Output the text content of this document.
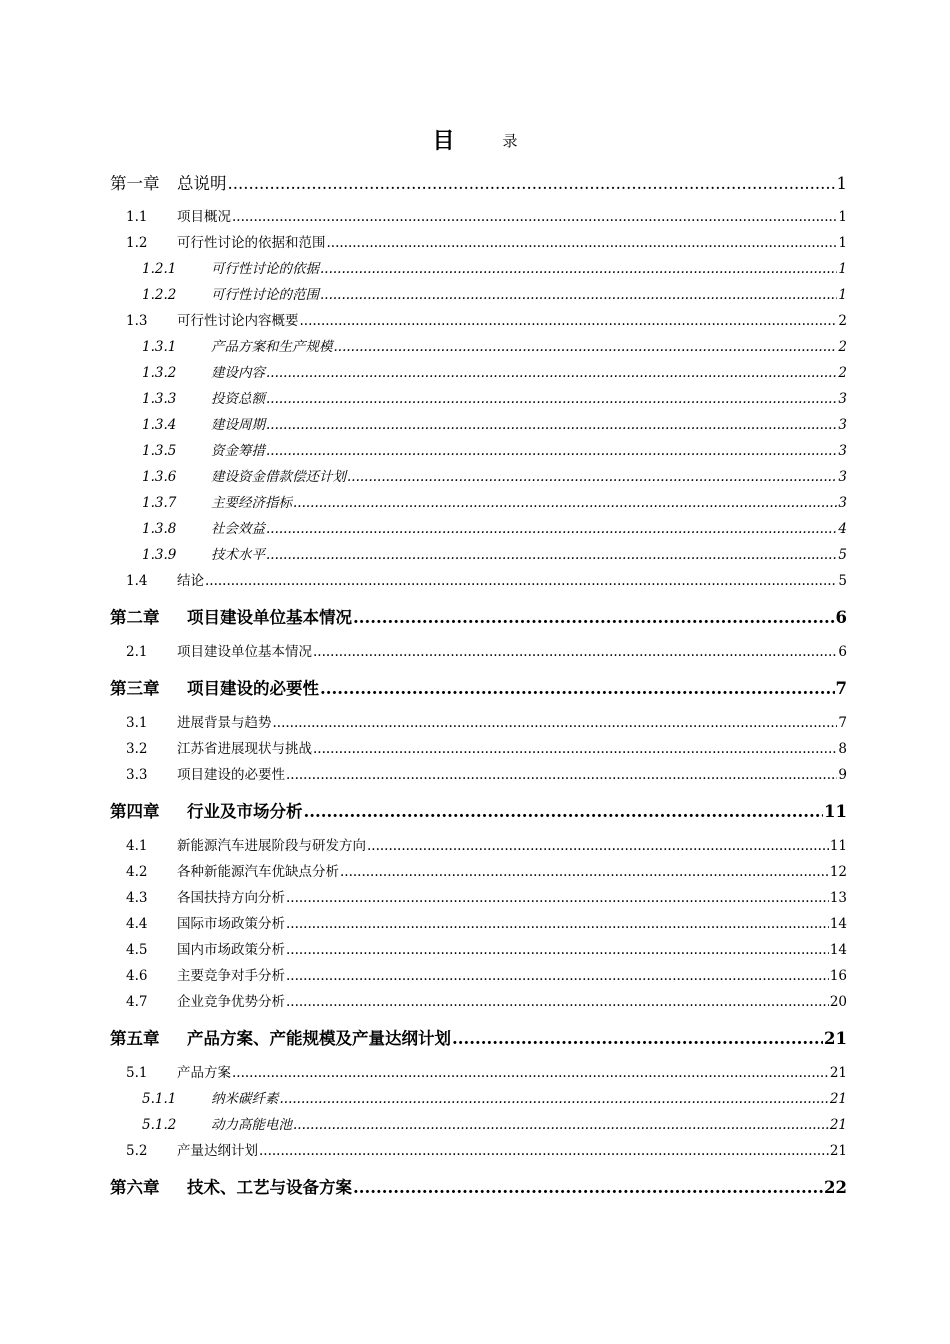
目	录
第一章	总说明 .....	1
1.1	项目概况 .....	1
1.2	可行性讨论的依据和范围 .....	1
1.2.1	可行性讨论的依据 .....	1
1.2.2	可行性讨论的范围 .....	1
1.3	可行性讨论内容概要 .....	2
1.3.1	产品方案和生产规模 .....	2
1.3.2	建设内容 .....	2
1.3.3	投资总额 .....	3
1.3.4	建设周期 .....	3
1.3.5	资金筹措 .....	3
1.3.6	建设资金借款偿还计划 .....	3
1.3.7	主要经济指标 .....	3
1.3.8	社会效益 .....	4
1.3.9	技术水平 .....	5
1.4	结论 .....	5
第二章	项目建设单位基本情况 .....	6
2.1	项目建设单位基本情况 .....	6
第三章	项目建设的必要性 .....	7
3.1	进展背景与趋势 .....	7
3.2	江苏省进展现状与挑战 .....	8
3.3	项目建设的必要性 .....	9
第四章	行业及市场分析 .....	11
4.1	新能源汽车进展阶段与研发方向 .....	11
4.2	各种新能源汽车优缺点分析 .....	12
4.3	各国扶持方向分析 .....	13
4.4	国际市场政策分析 .....	14
4.5	国内市场政策分析 .....	14
4.6	主要竞争对手分析 .....	16
4.7	企业竞争优势分析 .....	20
第五章	产品方案、产能规模及产量达纲计划 .....	21
5.1	产品方案 .....	21
5.1.1	纳米碳纤素 .....	21
5.1.2	动力高能电池 .....	21
5.2	产量达纲计划 .....	21
第六章	技术、工艺与设备方案 .....	22
